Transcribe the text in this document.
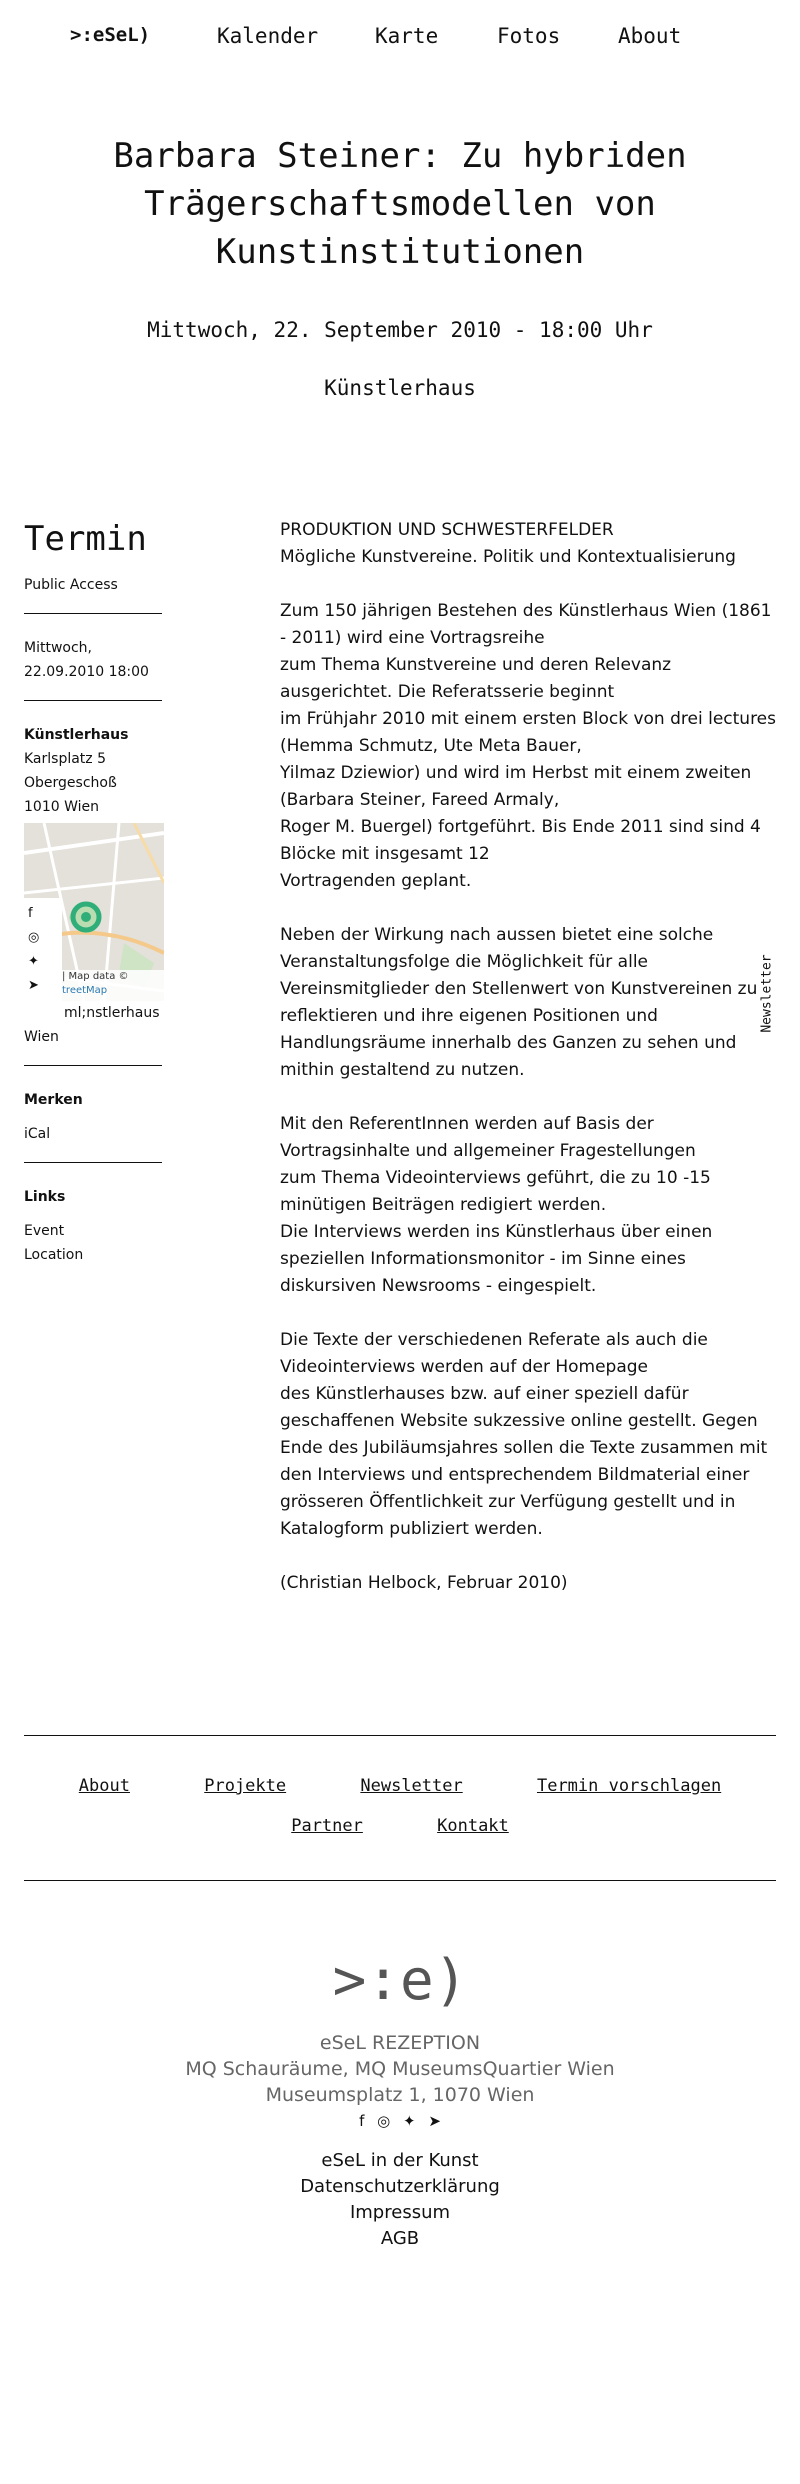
>:eSeL)	Kalender	Karte	Fotos	About
Barbara Steiner: Zu hybriden Trägerschaftsmodellen von Kunstinstitutionen
Mittwoch, 22. September 2010 - 18:00 Uhr
Künstlerhaus
Termin
Public Access
Mittwoch,
22.09.2010 18:00
Künstlerhaus
Karlsplatz 5
Obergeschoß
1010 Wien
f
◎
✦
➤
| Map data ©
treetMap
ml;nstlerhaus
Wien
Merken
iCal
Links
Event
Location

PRODUKTION UND SCHWESTERFELDER
Mögliche Kunstvereine. Politik und Kontextualisierung

Zum 150 jährigen Bestehen des Künstlerhaus Wien (1861 - 2011) wird eine Vortragsreihe
zum Thema Kunstvereine und deren Relevanz ausgerichtet. Die Referatsserie beginnt
im Frühjahr 2010 mit einem ersten Block von drei lectures (Hemma Schmutz, Ute Meta Bauer,
Yilmaz Dziewior) und wird im Herbst mit einem zweiten (Barbara Steiner, Fareed Armaly,
Roger M. Buergel) fortgeführt. Bis Ende 2011 sind sind 4 Blöcke mit insgesamt 12
Vortragenden geplant.

Neben der Wirkung nach aussen bietet eine solche Veranstaltungsfolge die Möglichkeit für alle Vereinsmitglieder den Stellenwert von Kunstvereinen zu reflektieren und ihre eigenen Positionen und Handlungsräume innerhalb des Ganzen zu sehen und mithin gestaltend zu nutzen.

Mit den ReferentInnen werden auf Basis der Vortragsinhalte und allgemeiner Fragestellungen
zum Thema Videointerviews geführt, die zu 10 -15 minütigen Beiträgen redigiert werden.
Die Interviews werden ins Künstlerhaus über einen speziellen Informationsmonitor - im Sinne eines diskursiven Newsrooms - eingespielt.

Die Texte der verschiedenen Referate als auch die Videointerviews werden auf der Homepage
des Künstlerhauses bzw. auf einer speziell dafür geschaffenen Website sukzessive online gestellt. Gegen Ende des Jubiläumsjahres sollen die Texte zusammen mit den Interviews und entsprechendem Bildmaterial einer grösseren Öffentlichkeit zur Verfügung gestellt und in Katalogform publiziert werden.

(Christian Helbock, Februar 2010)

Newsletter
About	Projekte	Newsletter	Termin vorschlagen
Partner	Kontakt
>:e)
eSeL REZEPTION
MQ Schauräume, MQ MuseumsQuartier Wien
Museumsplatz 1, 1070 Wien
f ◎ ✦ ➤
eSeL in der Kunst
Datenschutzerklärung
Impressum
AGB
